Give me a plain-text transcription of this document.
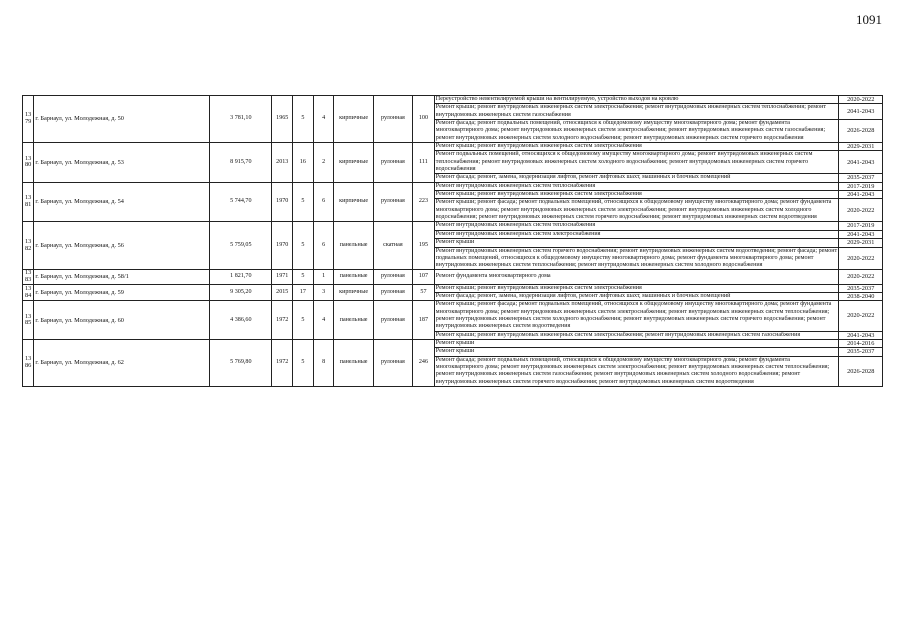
1091
1379	г. Барнаул, ул. Молодежная, д. 50	3 781,10	1965	5	4	кирпичные	рулонная	100	Переустройство невентилируемой крыши на вентилируемую, устройство выходов на кровлю	2020-2022
									Ремонт крыши; ремонт внутридомовых инженерных систем электроснабжения; ремонт внутридомовых инженерных систем теплоснабжения; ремонт внутридомовых инженерных систем газоснабжения	2041-2043
									Ремонт фасада; ремонт подвальных помещений, относящихся к общедомовому имуществу многоквартирного дома; ремонт фундамента многоквартирного дома; ремонт внутридомовых инженерных систем электроснабжения; ремонт внутридомовых инженерных систем газоснабжения; ремонт внутридомовых инженерных систем холодного водоснабжения; ремонт внутридомовых инженерных систем горячего водоснабжения	2026-2028
1380	г. Барнаул, ул. Молодежная, д. 53	8 915,70	2013	16	2	кирпичные	рулонная	111	Ремонт крыши; ремонт внутридомовых инженерных систем электроснабжения	2029-2031
									Ремонт подвальных помещений, относящихся к общедомовому имуществу многоквартирного дома; ремонт внутридомовых инженерных систем теплоснабжения; ремонт внутридомовых инженерных систем холодного водоснабжения; ремонт внутридомовых инженерных систем горячего водоснабжения	2041-2043
									Ремонт фасада; ремонт, замена, модернизация лифтов, ремонт лифтовых шахт, машинных и блочных помещений	2035-2037
1381	г. Барнаул, ул. Молодежная, д. 54	5 744,70	1970	5	6	кирпичные	рулонная	223	Ремонт внутридомовых инженерных систем теплоснабжения	2017-2019
									Ремонт крыши; ремонт внутридомовых инженерных систем электроснабжения	2041-2043
									Ремонт крыши; ремонт фасада; ремонт подвальных помещений, относящихся к общедомовому имуществу многоквартирного дома; ремонт фундамента многоквартирного дома; ремонт внутридомовых инженерных систем электроснабжения; ремонт внутридомовых инженерных систем холодного водоснабжения; ремонт внутридомовых инженерных систем горячего водоснабжения; ремонт внутридомовых инженерных систем водоотведения	2020-2022
1382	г. Барнаул, ул. Молодежная, д. 56	5 759,05	1970	5	6	панельные	скатная	195	Ремонт внутридомовых инженерных систем теплоснабжения	2017-2019
									Ремонт внутридомовых инженерных систем электроснабжения	2041-2043
									Ремонт крыши	2029-2031
									Ремонт внутридомовых инженерных систем горячего водоснабжения; ремонт внутридомовых инженерных систем водоотведения; ремонт фасада; ремонт подвальных помещений, относящихся к общедомовому имуществу многоквартирного дома; ремонт фундамента многоквартирного дома; ремонт внутридомовых инженерных систем теплоснабжения; ремонт внутридомовых инженерных систем холодного водоснабжения	2020-2022
1383	г. Барнаул, ул. Молодежная, д. 58/1	1 821,70	1971	5	1	панельные	рулонная	107	Ремонт фундамента многоквартирного дома	2020-2022
1384	г. Барнаул, ул. Молодежная, д. 59	9 305,20	2015	17	3	кирпичные	рулонная	57	Ремонт крыши; ремонт внутридомовых инженерных систем электроснабжения	2035-2037
									Ремонт фасада; ремонт, замена, модернизация лифтов, ремонт лифтовых шахт, машинных и блочных помещений	2038-2040
1385	г. Барнаул, ул. Молодежная, д. 60	4 386,60	1972	5	4	панельные	рулонная	187	Ремонт крыши; ремонт фасада; ремонт подвальных помещений, относящихся к общедомовому имуществу многоквартирного дома; ремонт фундамента многоквартирного дома; ремонт внутридомовых инженерных систем электроснабжения; ремонт внутридомовых инженерных систем теплоснабжения; ремонт внутридомовых инженерных систем холодного водоснабжения; ремонт внутридомовых инженерных систем горячего водоснабжения; ремонт внутридомовых инженерных систем водоотведения	2020-2022
									Ремонт крыши; ремонт внутридомовых инженерных систем электроснабжения; ремонт внутридомовых инженерных систем газоснабжения	2041-2043
1386	г. Барнаул, ул. Молодежная, д. 62	5 769,80	1972	5	8	панельные	рулонная	246	Ремонт крыши	2014-2016
									Ремонт крыши	2035-2037
									Ремонт фасада; ремонт подвальных помещений, относящихся к общедомовому имуществу многоквартирного дома; ремонт фундамента многоквартирного дома; ремонт внутридомовых инженерных систем электроснабжения; ремонт внутридомовых инженерных систем теплоснабжения; ремонт внутридомовых инженерных систем газоснабжения; ремонт внутридомовых инженерных систем холодного водоснабжения; ремонт внутридомовых инженерных систем горячего водоснабжения; ремонт внутридомовых инженерных систем водоотведения	2026-2028
